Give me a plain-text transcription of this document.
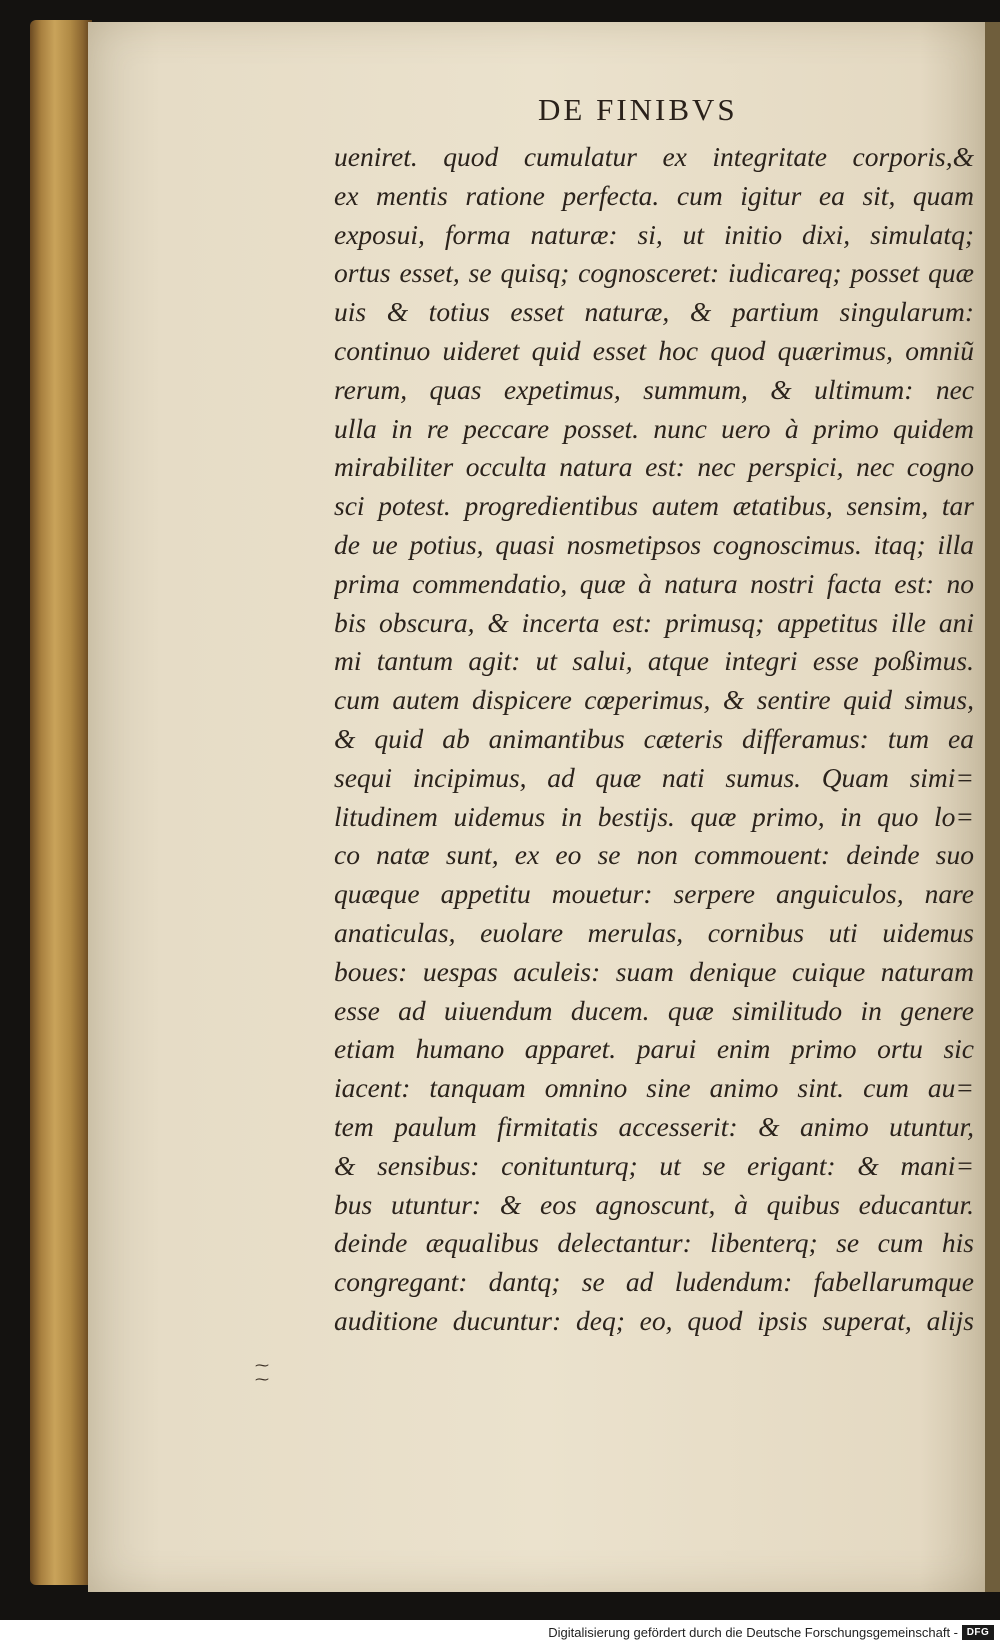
DE FINIBVS
ueniret. quod cumulatur ex integritate corporis,&
ex mentis ratione perfecta. cum igitur ea sit, quam
exposui, forma naturæ: si, ut initio dixi, simulatq;
ortus esset, se quisq; cognosceret: iudicareq; posset quæ
uis & totius esset naturæ, & partium singularum:
continuo uideret quid esset hoc quod quærimus, omniũ
rerum, quas expetimus, summum, & ultimum: nec
ulla in re peccare posset. nunc uero à primo quidem
mirabiliter occulta natura est: nec perspici, nec cogno
sci potest. progredientibus autem ætatibus, sensim, tar
de ue potius, quasi nosmetipsos cognoscimus. itaq; illa
prima commendatio, quæ à natura nostri facta est: no
bis obscura, & incerta est: primusq; appetitus ille ani
mi tantum agit: ut salui, atque integri esse poßimus.
cum autem dispicere cœperimus, & sentire quid simus,
& quid ab animantibus cæteris differamus: tum ea
sequi incipimus, ad quæ nati sumus. Quam simi=
litudinem uidemus in bestijs. quæ primo, in quo lo=
co natæ sunt, ex eo se non commouent: deinde suo
quæque appetitu mouetur: serpere anguiculos, nare
anaticulas, euolare merulas, cornibus uti uidemus
boues: uespas aculeis: suam denique cuique naturam
esse ad uiuendum ducem. quæ similitudo in genere
etiam humano apparet. parui enim primo ortu sic
iacent: tanquam omnino sine animo sint. cum au=
tem paulum firmitatis accesserit: & animo utuntur,
& sensibus: conitunturq; ut se erigant: & mani=
bus utuntur: & eos agnoscunt, à quibus educantur.
deinde æqualibus delectantur: libenterq; se cum his
congregant: dantq; se ad ludendum: fabellarumque
auditione ducuntur: deq; eo, quod ipsis superat, alijs
⁓
⁓
Digitalisierung gefördert durch die Deutsche Forschungsgemeinschaft - DFG
